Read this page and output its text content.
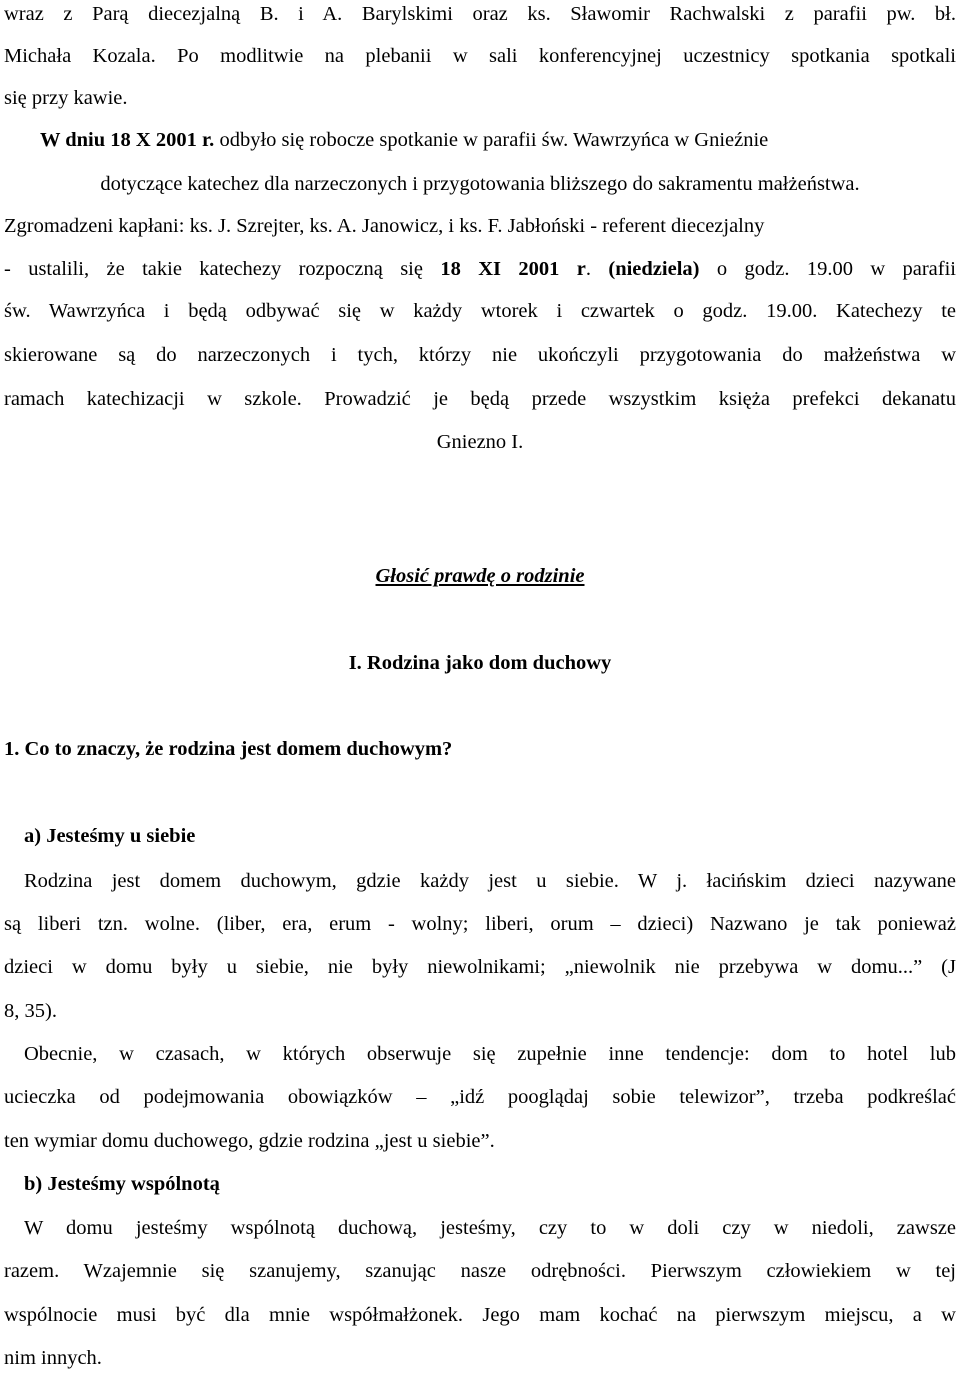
wraz z Parą diecezjalną B. i A. Barylskimi oraz ks. Sławomir Rachwalski z parafii pw. bł.
Michała Kozala. Po modlitwie na plebanii w sali konferencyjnej uczestnicy spotkania spotkali
się przy kawie.
W dniu 18 X 2001 r. odbyło się robocze spotkanie w parafii św. Wawrzyńca w Gnieźnie
dotyczące katechez dla narzeczonych i przygotowania bliższego do sakramentu małżeństwa.
Zgromadzeni kapłani: ks. J. Szrejter, ks. A. Janowicz, i ks. F. Jabłoński - referent diecezjalny
- ustalili, że takie katechezy rozpoczną się 18 XI 2001 r. (niedziela) o godz. 19.00 w parafii
św. Wawrzyńca i będą odbywać się w każdy wtorek i czwartek o godz. 19.00. Katechezy te
skierowane są do narzeczonych i tych, którzy nie ukończyli przygotowania do małżeństwa w
ramach katechizacji w szkole. Prowadzić je będą przede wszystkim księża prefekci dekanatu
Gniezno I.
Głosić prawdę o rodzinie
I. Rodzina jako dom duchowy
1. Co to znaczy, że rodzina jest domem duchowym?
a) Jesteśmy u siebie
Rodzina jest domem duchowym, gdzie każdy jest u siebie. W j. łacińskim dzieci nazywane
są liberi tzn. wolne. (liber, era, erum - wolny; liberi, orum – dzieci) Nazwano je tak ponieważ
dzieci w domu były u siebie, nie były niewolnikami; „niewolnik nie przebywa w domu...” (J
8, 35).
Obecnie, w czasach, w których obserwuje się zupełnie inne tendencje: dom to hotel lub
ucieczka od podejmowania obowiązków – „idź pooglądaj sobie telewizor”, trzeba podkreślać
ten wymiar domu duchowego, gdzie rodzina „jest u siebie”.
b) Jesteśmy wspólnotą
W domu jesteśmy wspólnotą duchową, jesteśmy, czy to w doli czy w niedoli, zawsze
razem. Wzajemnie się szanujemy, szanując nasze odrębności. Pierwszym człowiekiem w tej
wspólnocie musi być dla mnie współmałżonek. Jego mam kochać na pierwszym miejscu, a w
nim innych.
